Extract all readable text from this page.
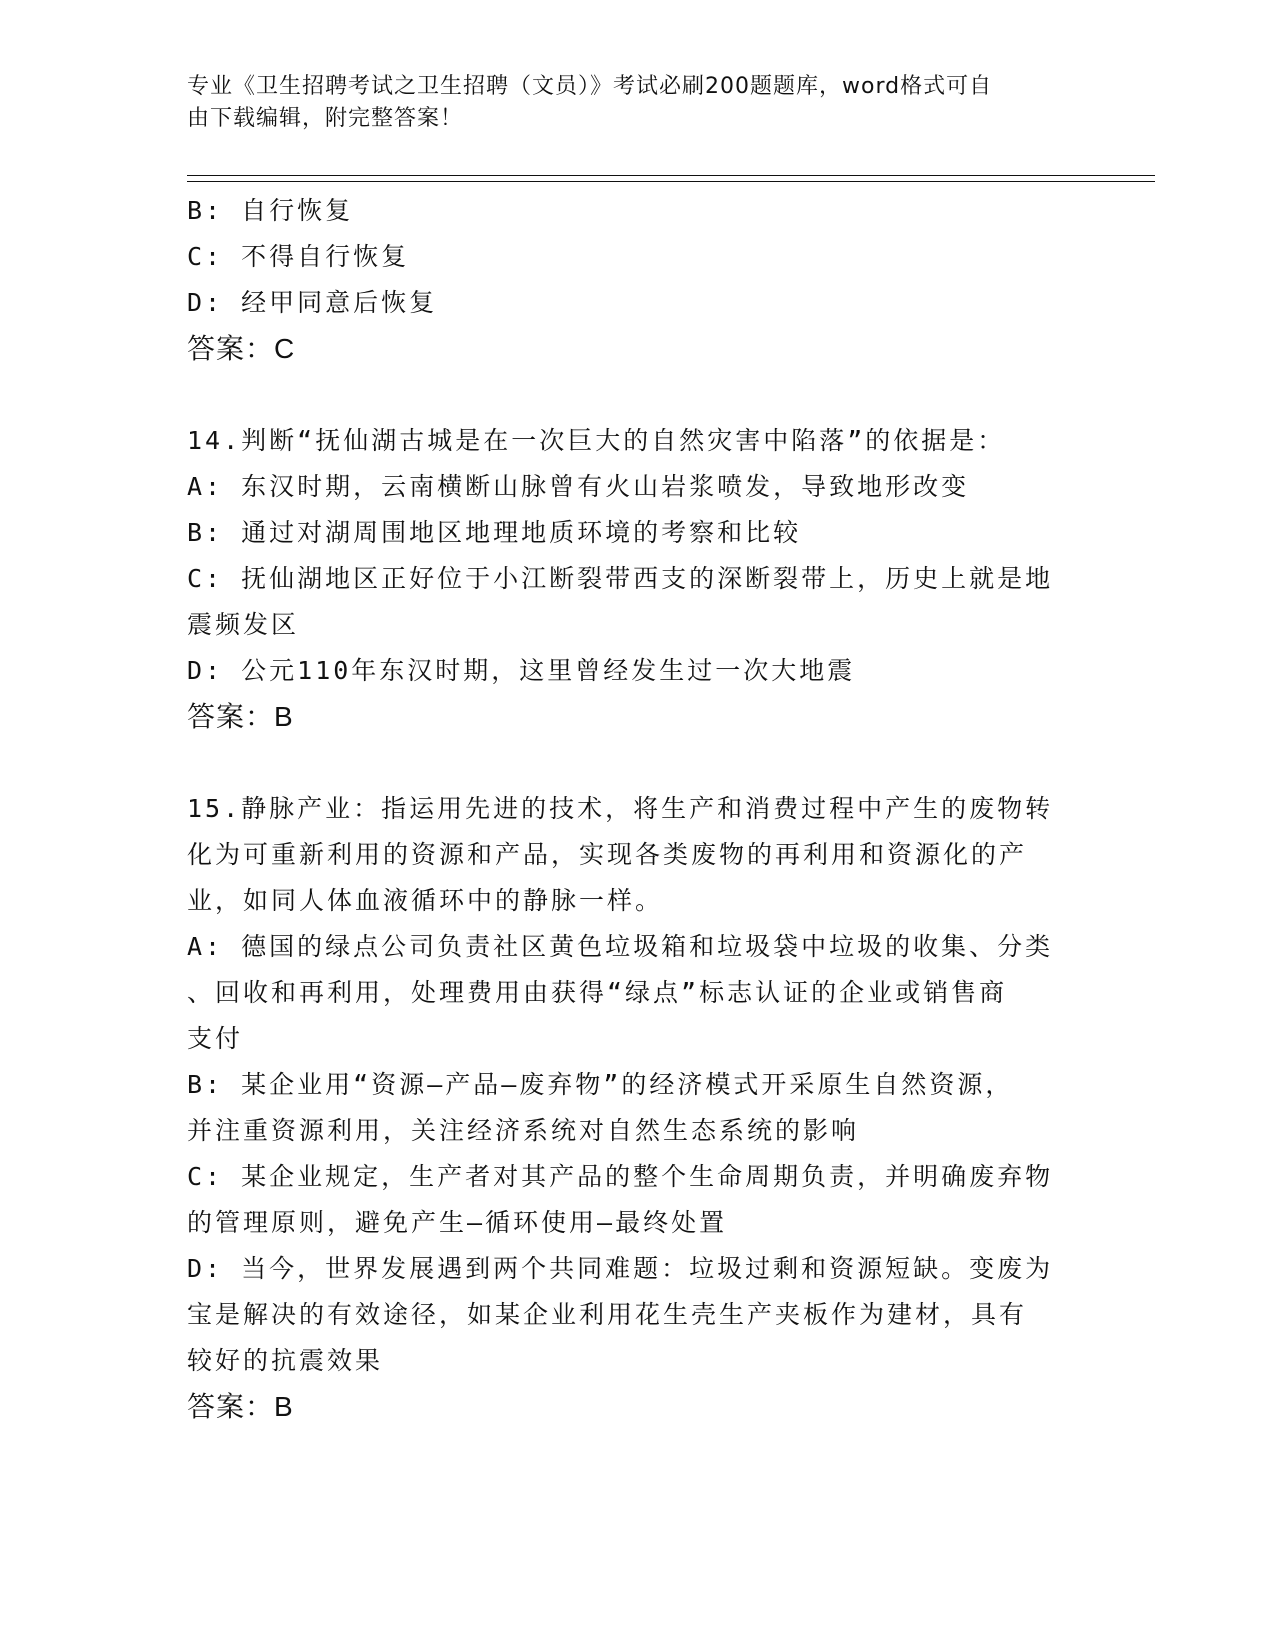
专业《卫生招聘考试之卫生招聘（文员）》考试必刷200题题库，word格式可自
由下载编辑，附完整答案！
B: 自行恢复
C: 不得自行恢复
D: 经甲同意后恢复
答案：C
14.判断“抚仙湖古城是在一次巨大的自然灾害中陷落”的依据是：
A: 东汉时期，云南横断山脉曾有火山岩浆喷发，导致地形改变
B: 通过对湖周围地区地理地质环境的考察和比较
C: 抚仙湖地区正好位于小江断裂带西支的深断裂带上，历史上就是地
震频发区
D: 公元110年东汉时期，这里曾经发生过一次大地震
答案：B
15.静脉产业：指运用先进的技术，将生产和消费过程中产生的废物转
化为可重新利用的资源和产品，实现各类废物的再利用和资源化的产
业，如同人体血液循环中的静脉一样。
A: 德国的绿点公司负责社区黄色垃圾箱和垃圾袋中垃圾的收集、分类
、回收和再利用，处理费用由获得“绿点”标志认证的企业或销售商
支付
B: 某企业用“资源—产品—废弃物”的经济模式开采原生自然资源，
并注重资源利用，关注经济系统对自然生态系统的影响
C: 某企业规定，生产者对其产品的整个生命周期负责，并明确废弃物
的管理原则，避免产生—循环使用—最终处置
D: 当今，世界发展遇到两个共同难题：垃圾过剩和资源短缺。变废为
宝是解决的有效途径，如某企业利用花生壳生产夹板作为建材，具有
较好的抗震效果
答案：B
